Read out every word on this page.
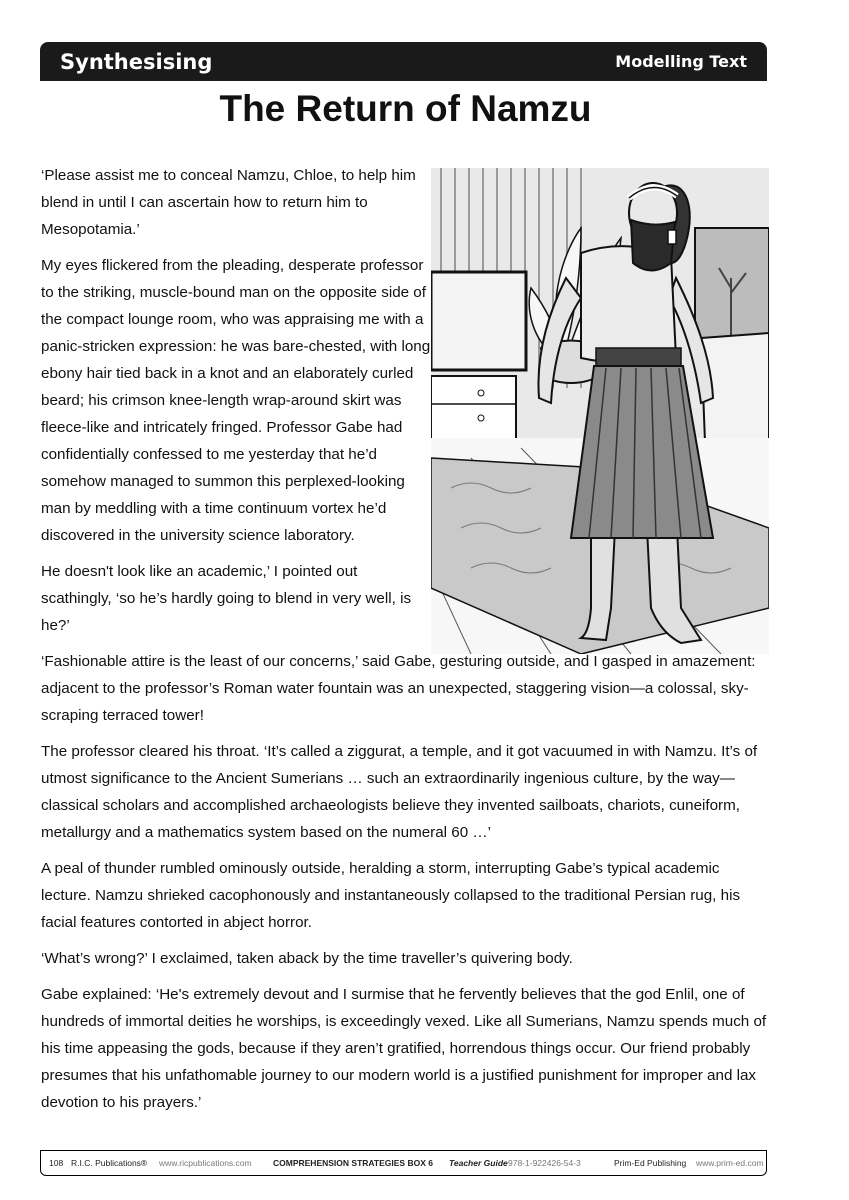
Synthesising	Modelling Text
The Return of Namzu

‘Please assist me to conceal Namzu, Chloe, to help him blend in until I can ascertain how to return him to Mesopotamia.’

My eyes flickered from the pleading, desperate professor to the striking, muscle-bound man on the opposite side of the compact lounge room, who was appraising me with a panic-stricken expression: he was bare-chested, with long ebony hair tied back in a knot and an elaborately curled beard; his crimson knee-length wrap-around skirt was fleece-like and intricately fringed. Professor Gabe had confidentially confessed to me yesterday that he’d somehow managed to summon this perplexed-looking man by meddling with a time continuum vortex he’d discovered in the university science laboratory.

He doesn't look like an academic,’ I pointed out scathingly, ‘so he’s hardly going to blend in very well, is he?’

‘Fashionable attire is the least of our concerns,’ said Gabe, gesturing outside, and I gasped in amazement: adjacent to the professor’s Roman water fountain was an unexpected, staggering vision—a colossal, sky-scraping terraced tower!

The professor cleared his throat. ‘It’s called a ziggurat, a temple, and it got vacuumed in with Namzu. It’s of utmost significance to the Ancient Sumerians … such an extraordinarily ingenious culture, by the way—classical scholars and accomplished archaeologists believe they invented sailboats, chariots, cuneiform, metallurgy and a mathematics system based on the numeral 60 …’

A peal of thunder rumbled ominously outside, heralding a storm, interrupting Gabe’s typical academic lecture. Namzu shrieked cacophonously and instantaneously collapsed to the traditional Persian rug, his facial features contorted in abject horror.

‘What’s wrong?’ I exclaimed, taken aback by the time traveller’s quivering body.

Gabe explained: ‘He's extremely devout and I surmise that he fervently believes that the god Enlil, one of hundreds of immortal deities he worships, is exceedingly vexed. Like all Sumerians, Namzu spends much of his time appeasing the gods, because if they aren’t gratified, horrendous things occur. Our friend probably presumes that his unfathomable journey to our modern world is a justified punishment for improper and lax devotion to his prayers.’

108 R.I.C. Publications® www.ricpublications.com	COMPREHENSION STRATEGIES BOX 6 Teacher Guide 978-1-922426-54-3	Prim-Ed Publishing www.prim-ed.com
